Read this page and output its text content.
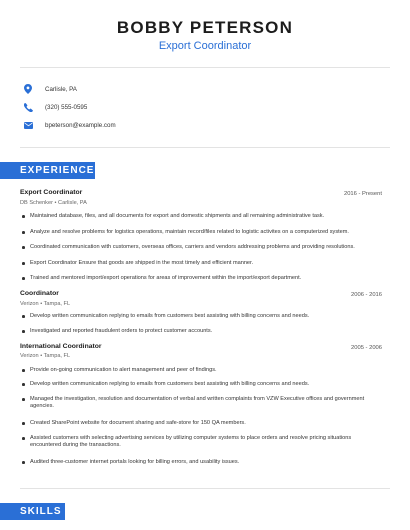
BOBBY PETERSON
Export Coordinator
Carlisle, PA
(320) 555-0595
bpeterson@example.com
EXPERIENCE
Export Coordinator	2016 - Present
DB Schenker • Carlisle, PA
Maintained database, files, and all documents for export and domestic shipments and all remaining administrative task.
Analyze and resolve problems for logistics operations, maintain record/files related to logistic activites on a computerized system.
Coordinated communication with customers, overseas offices, carriers and vendors addressing problems and providing resolutions.
Export Coordinator Ensure that goods are shipped in the most timely and efficient manner.
Trained and mentored import/export operations for areas of improvement within the import/export department.
Coordinator	2006 - 2016
Verizon • Tampa, FL
Develop written communication replying to emails from customers best assisting with billing concerns and needs.
Investigated and reported fraudulent orders to protect customer accounts.
International Coordinator	2005 - 2006
Verizon • Tampa, FL
Provide on-going communication to alert management and peer of findings.
Develop written communication replying to emails from customers best assisting with billing concerns and needs.
Managed the investigation, resolution and documentation of verbal and written complaints from VZW Executive offices and government agencies.
Created SharePoint website for document sharing and safe-store for 150 QA members.
Assisted customers with selecting advertising services by utilizing computer systems to place orders and resolve pricing situations encountered during the transactions.
Audited three-customer internet portals looking for billing errors, and usability issues.
SKILLS
